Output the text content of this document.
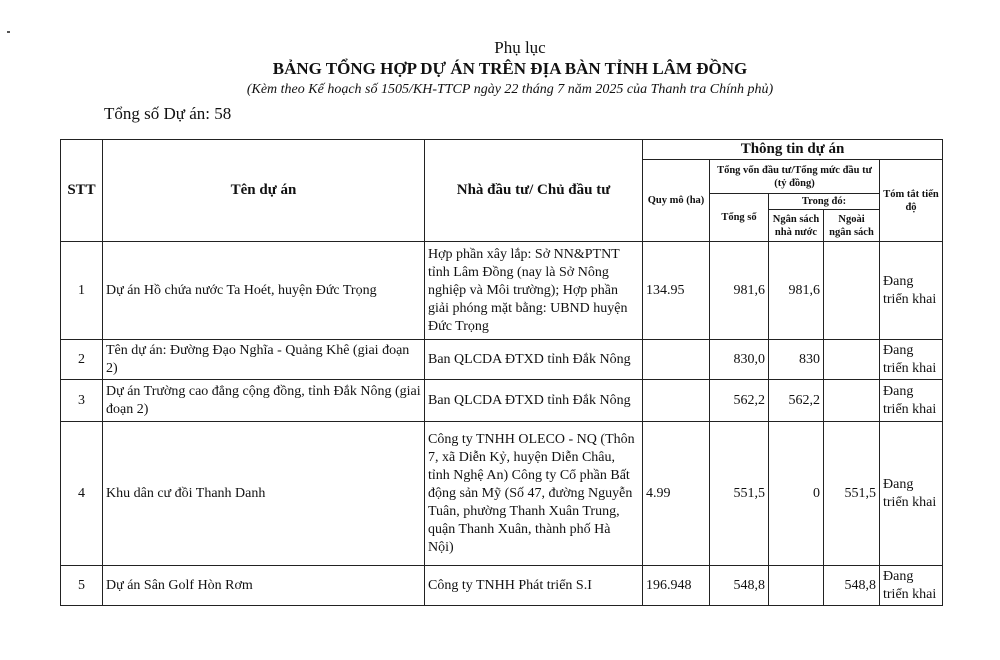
Phụ lục
BẢNG TỔNG HỢP DỰ ÁN TRÊN ĐỊA BÀN TỈNH LÂM ĐỒNG
(Kèm theo Kế hoạch số 1505/KH-TTCP ngày 22 tháng 7 năm 2025 của Thanh tra Chính phủ)
Tổng số Dự án: 58
STT	Tên dự án	Nhà đầu tư/ Chủ đầu tư	Thông tin dự án				
			Quy mô (ha)	Tổng vốn đầu tư/Tổng mức đầu tư (tỷ đồng)			Tóm tắt tiến độ
				Tổng số	Trong đó:		
					Ngân sách nhà nước	Ngoài ngân sách	
1	Dự án Hồ chứa nước Ta Hoét, huyện Đức Trọng	Hợp phần xây lắp: Sở NN&PTNT tỉnh Lâm Đồng (nay là Sở Nông nghiệp và Môi trường); Hợp phần giải phóng mặt bằng: UBND huyện Đức Trọng	134.95	981,6	981,6		Đang triển khai
2	Tên dự án: Đường Đạo Nghĩa - Quảng Khê (giai đoạn 2)	Ban QLCDA ĐTXD tỉnh Đắk Nông		830,0	830		Đang triển khai
3	Dự án Trường cao đẳng cộng đồng, tỉnh Đắk Nông (giai đoạn 2)	Ban QLCDA ĐTXD tỉnh Đắk Nông		562,2	562,2		Đang triển khai
4	Khu dân cư đồi Thanh Danh	Công ty TNHH OLECO - NQ (Thôn 7, xã Diễn Kỷ, huyện Diễn Châu, tỉnh Nghệ An) Công ty Cổ phần Bất động sản Mỹ (Số 47, đường Nguyễn Tuân, phường Thanh Xuân Trung, quận Thanh Xuân, thành phố Hà Nội)	4.99	551,5	0	551,5	Đang triển khai
5	Dự án Sân Golf Hòn Rơm	Công ty TNHH Phát triển S.I	196.948	548,8		548,8	Đang triển khai
